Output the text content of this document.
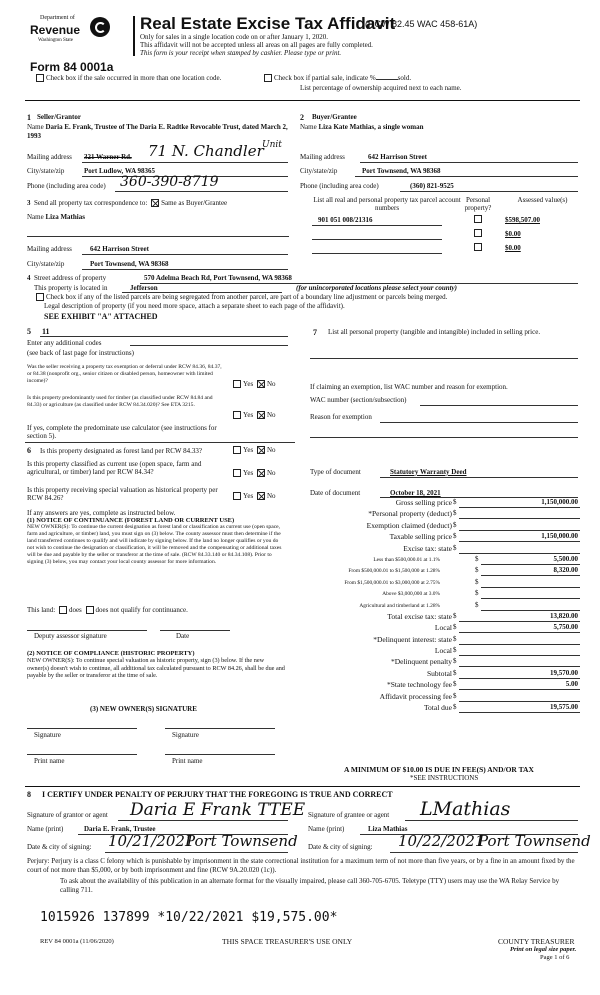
Department of
Revenue
Washington State
Real Estate Excise Tax Affidavit
(RCW 82.45 WAC 458-61A)
Only for sales in a single location code on or after January 1, 2020.
This affidavit will not be accepted unless all areas on all pages are fully completed.
This form is your receipt when stamped by cashier. Please type or print.
Form 84 0001a
Check box if the sale occurred in more than one location code.	Check box if partial sale, indicate %	sold.
List percentage of ownership acquired next to each name.
1 Seller/Grantor
Name Daria E. Frank, Trustee of The Daria E. Radtke Revocable Trust, dated March 2, 1993
Mailing address 321 Warner Rd. 71 N. Chandler
Unit
City/state/zip	Port Ludlow, WA 98365
Phone (including area code) 360-390-8719
2 Buyer/Grantee
Name Liza Kate Mathias, a single woman
Mailing address	642 Harrison Street
City/state/zip	Port Townsend, WA 98368
Phone (including area code)	(360) 821-9525
List all real and personal property tax parcel account numbers
Personal property?
Assessed value(s)
901 051 008/21316	$598,507.00
$0.00
$0.00
3 Send all property tax correspondence to: Same as Buyer/Grantee
Name Liza Mathias
Mailing address	642 Harrison Street
City/state/zip	Port Townsend, WA 98368
4 Street address of property	570 Adelma Beach Rd, Port Townsend, WA 98368
This property is located in	Jefferson	(for unincorporated locations please select your county)
Check box if any of the listed parcels are being segregated from another parcel, are part of a boundary line adjustment or parcels being merged.
Legal description of property (if you need more space, attach a separate sheet to each page of the affidavit).
SEE EXHIBIT "A" ATTACHED
5 11
Enter any additional codes
(see back of last page for instructions)
Was the seller receiving a property tax exemption or deferral under RCW 84.36, 84.37, or 84.38 (nonprofit org., senior citizen or disabled person, homeowner with limited income)?	Yes No
Is this property predominantly used for timber (as classified under RCW 84.84 and 84.33) or agriculture (as classified under RCW 84.34.020)? See ETA 3215.
Yes No
If yes, complete the predominate use calculator (see instructions for section 5).
6 Is this property designated as forest land per RCW 84.33?	Yes No
Is this property classified as current use (open space, farm and agricultural, or timber) land per RCW 84.34?	Yes No
Is this property receiving special valuation as historical property per RCW 84.26?	Yes No
If any answers are yes, complete as instructed below.
(1) NOTICE OF CONTINUANCE (FOREST LAND OR CURRENT USE)
NEW OWNER(S): To continue the current designation as forest land or classification as current use (open space, farm and agriculture, or timber) land, you must sign on (3) below. The county assessor must then determine if the land transferred continues to qualify and will indicate by signing below. If the land no longer qualifies or you do not wish to continue the designation or classification, it will be removed and the compensating or additional taxes will be due and payable by the seller or transferor at the time of sale. (RCW 84.33.140 or 84.34.108). Prior to signing (3) below, you may contact your local county assessor for more information.
This land: does does not qualify for continuance.
Deputy assessor signature	Date
(2) NOTICE OF COMPLIANCE (HISTORIC PROPERTY)
NEW OWNER(S): To continue special valuation as historic property, sign (3) below. If the new owner(s) doesn't wish to continue, all additional tax calculated pursuant to RCW 84.26, shall be due and payable by the seller or transferor at the time of sale.
(3) NEW OWNER(S) SIGNATURE
Signature	Signature
Print name	Print name
7 List all personal property (tangible and intangible) included in selling price.
If claiming an exemption, list WAC number and reason for exemption.
WAC number (section/subsection)
Reason for exemption
Type of document	Statutory Warranty Deed
Date of document	October 18, 2021
Gross selling price $	1,150,000.00
*Personal property (deduct) $
Exemption claimed (deduct) $
Taxable selling price $	1,150,000.00
Excise tax: state $
Less than $500,000.01 at 1.1%	$	5,500.00
From $500,000.01 to $1,500,000 at 1.28%	$	8,320.00
From $1,500,000.01 to $3,000,000 at 2.75%	$
Above $3,000,000 at 3.0%	$
Agricultural and timberland at 1.28%	$
Total excise tax: state $	13,820.00
Local $	5,750.00
*Delinquent interest: state $
Local $
*Delinquent penalty $
Subtotal $	19,570.00
*State technology fee $	5.00
Affidavit processing fee $
Total due $	19,575.00
A MINIMUM OF $10.00 IS DUE IN FEE(S) AND/OR TAX
*SEE INSTRUCTIONS
8 I CERTIFY UNDER PENALTY OF PERJURY THAT THE FOREGOING IS TRUE AND CORRECT
Signature of grantor or agent Daria E Frank TTEE
Name (print)	Daria E. Frank, Trustee
Date & city of signing: 10/21/2021
Port Townsend
Signature of grantee or agent LMathias
Name (print)	Liza Mathias
Date & city of signing: 10/22/2021
Port Townsend
Perjury: Perjury is a class C felony which is punishable by imprisonment in the state correctional institution for a maximum term of not more than five years, or by a fine in an amount fixed by the court of not more than $5,000, or by both imprisonment and fine (RCW 9A.20.020 (1c)).
To ask about the availability of this publication in an alternate format for the visually impaired, please call 360-705-6705. Teletype (TTY) users may use the WA Relay Service by calling 711.
1015926 137899 *10/22/2021 $19,575.00*
REV 84 0001a (11/06/2020)	THIS SPACE TREASURER'S USE ONLY	COUNTY TREASURER
Print on legal size paper.
Page 1 of 6
